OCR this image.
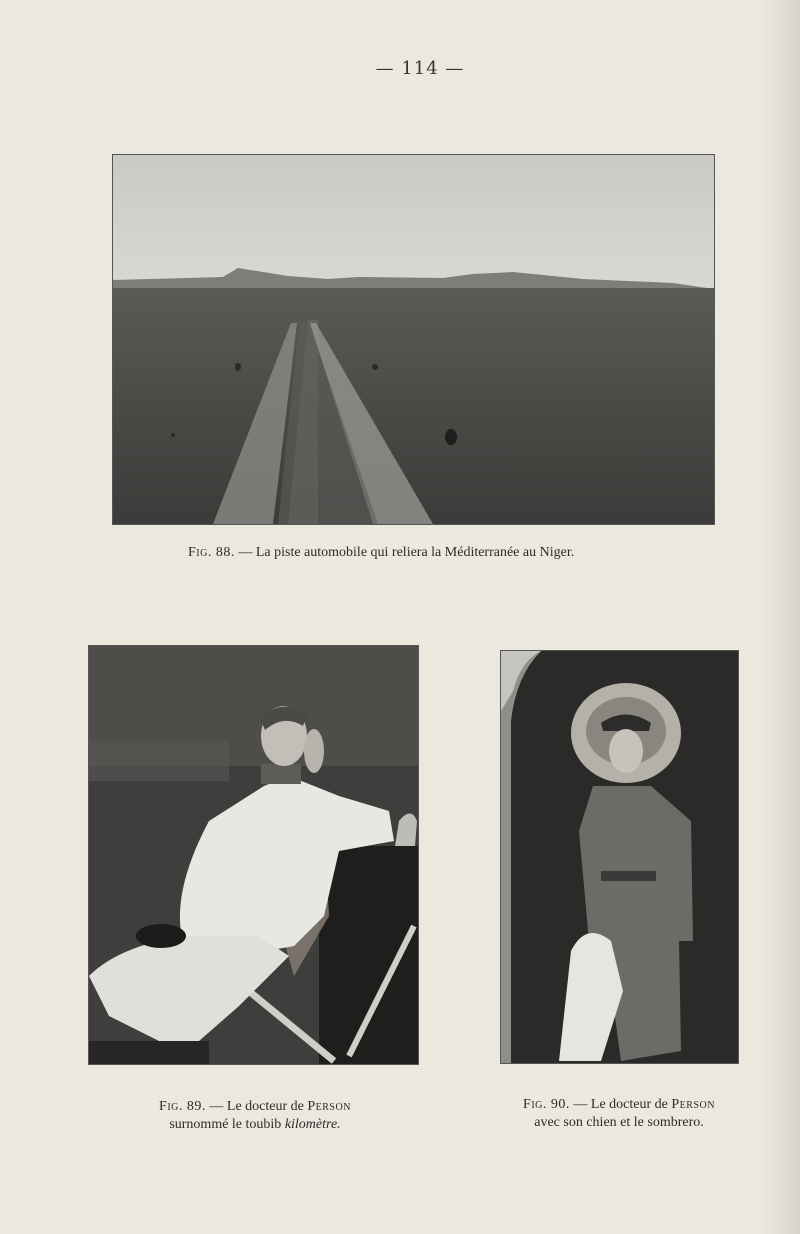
— 114 —
Fig. 88. — La piste automobile qui reliera la Méditerranée au Niger.
Fig. 89. — Le docteur de Person
surnommé le toubib kilomètre.
Fig. 90. — Le docteur de Person
avec son chien et le sombrero.
